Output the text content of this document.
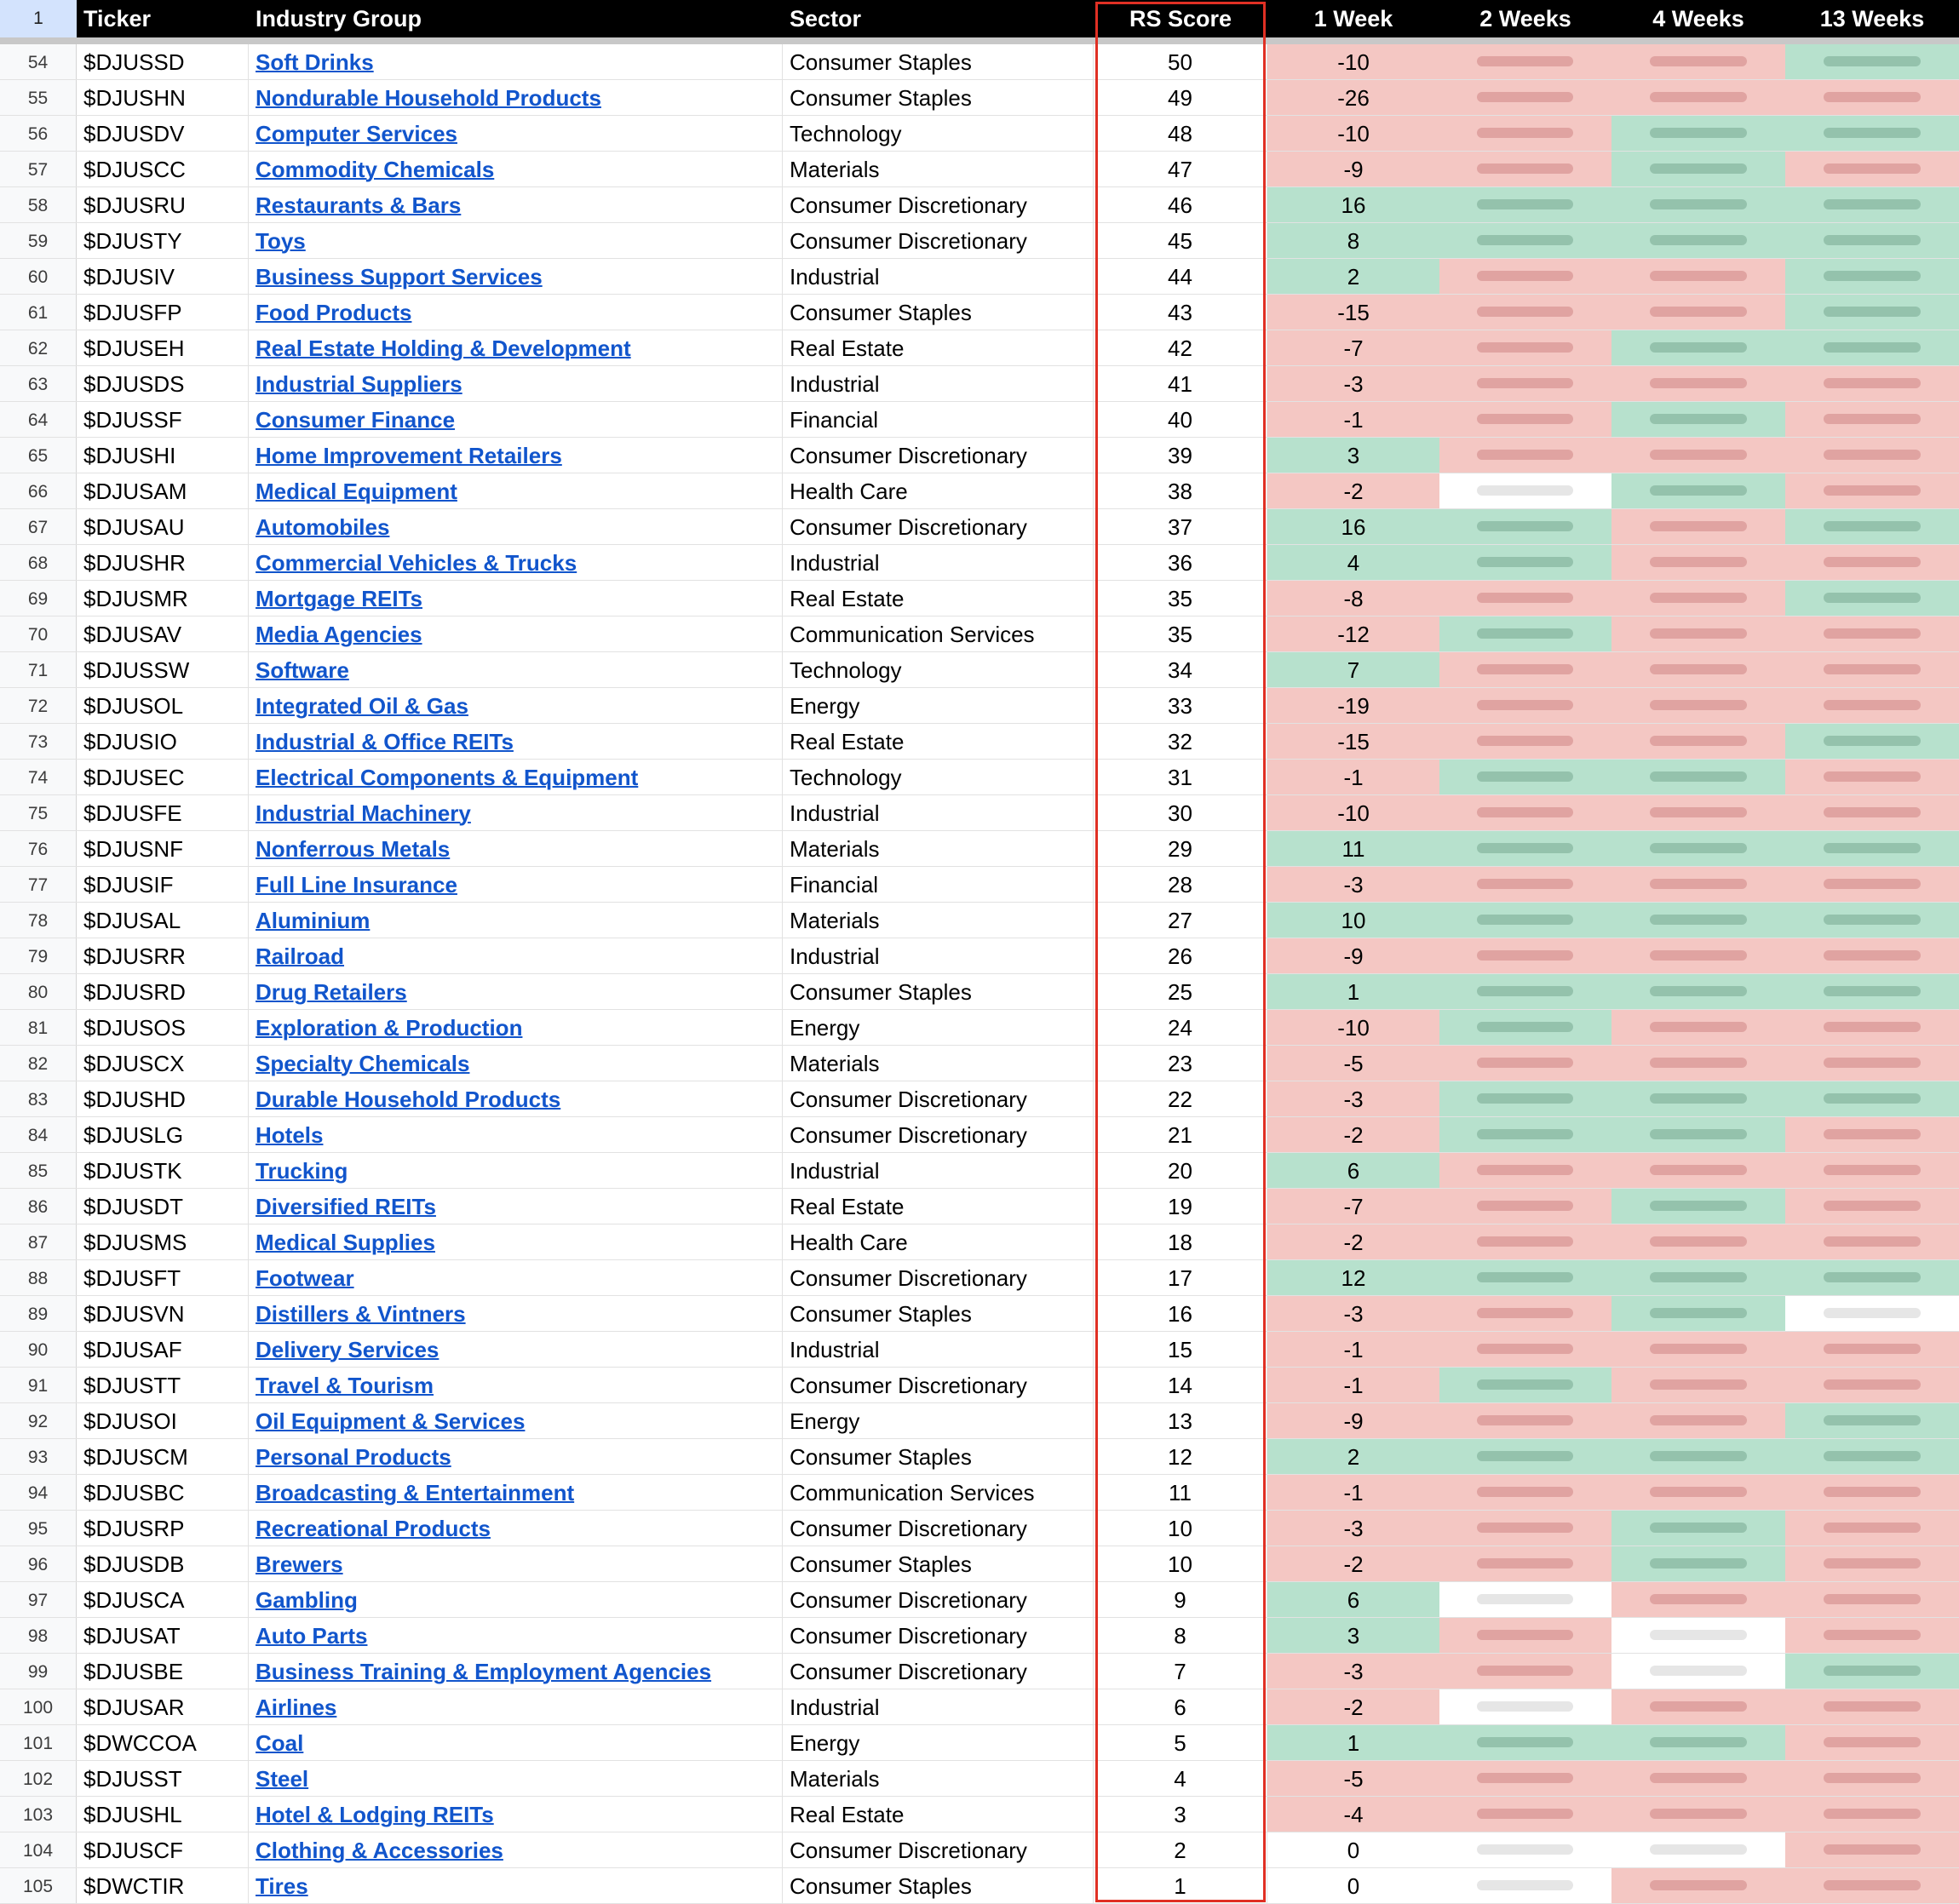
1	Ticker	Industry Group	Sector	RS Score	1 Week	2 Weeks	4 Weeks	13 Weeks
54	$DJUSSD	Soft Drinks	Consumer Staples	50	-10
55	$DJUSHN	Nondurable Household Products	Consumer Staples	49	-26
56	$DJUSDV	Computer Services	Technology	48	-10
57	$DJUSCC	Commodity Chemicals	Materials	47	-9
58	$DJUSRU	Restaurants & Bars	Consumer Discretionary	46	16
59	$DJUSTY	Toys	Consumer Discretionary	45	8
60	$DJUSIV	Business Support Services	Industrial	44	2
61	$DJUSFP	Food Products	Consumer Staples	43	-15
62	$DJUSEH	Real Estate Holding & Development	Real Estate	42	-7
63	$DJUSDS	Industrial Suppliers	Industrial	41	-3
64	$DJUSSF	Consumer Finance	Financial	40	-1
65	$DJUSHI	Home Improvement Retailers	Consumer Discretionary	39	3
66	$DJUSAM	Medical Equipment	Health Care	38	-2
67	$DJUSAU	Automobiles	Consumer Discretionary	37	16
68	$DJUSHR	Commercial Vehicles & Trucks	Industrial	36	4
69	$DJUSMR	Mortgage REITs	Real Estate	35	-8
70	$DJUSAV	Media Agencies	Communication Services	35	-12
71	$DJUSSW	Software	Technology	34	7
72	$DJUSOL	Integrated Oil & Gas	Energy	33	-19
73	$DJUSIO	Industrial & Office REITs	Real Estate	32	-15
74	$DJUSEC	Electrical Components & Equipment	Technology	31	-1
75	$DJUSFE	Industrial Machinery	Industrial	30	-10
76	$DJUSNF	Nonferrous Metals	Materials	29	11
77	$DJUSIF	Full Line Insurance	Financial	28	-3
78	$DJUSAL	Aluminium	Materials	27	10
79	$DJUSRR	Railroad	Industrial	26	-9
80	$DJUSRD	Drug Retailers	Consumer Staples	25	1
81	$DJUSOS	Exploration & Production	Energy	24	-10
82	$DJUSCX	Specialty Chemicals	Materials	23	-5
83	$DJUSHD	Durable Household Products	Consumer Discretionary	22	-3
84	$DJUSLG	Hotels	Consumer Discretionary	21	-2
85	$DJUSTK	Trucking	Industrial	20	6
86	$DJUSDT	Diversified REITs	Real Estate	19	-7
87	$DJUSMS	Medical Supplies	Health Care	18	-2
88	$DJUSFT	Footwear	Consumer Discretionary	17	12
89	$DJUSVN	Distillers & Vintners	Consumer Staples	16	-3
90	$DJUSAF	Delivery Services	Industrial	15	-1
91	$DJUSTT	Travel & Tourism	Consumer Discretionary	14	-1
92	$DJUSOI	Oil Equipment & Services	Energy	13	-9
93	$DJUSCM	Personal Products	Consumer Staples	12	2
94	$DJUSBC	Broadcasting & Entertainment	Communication Services	11	-1
95	$DJUSRP	Recreational Products	Consumer Discretionary	10	-3
96	$DJUSDB	Brewers	Consumer Staples	10	-2
97	$DJUSCA	Gambling	Consumer Discretionary	9	6
98	$DJUSAT	Auto Parts	Consumer Discretionary	8	3
99	$DJUSBE	Business Training & Employment Agencies	Consumer Discretionary	7	-3
100	$DJUSAR	Airlines	Industrial	6	-2
101	$DWCCOA	Coal	Energy	5	1
102	$DJUSST	Steel	Materials	4	-5
103	$DJUSHL	Hotel & Lodging REITs	Real Estate	3	-4
104	$DJUSCF	Clothing & Accessories	Consumer Discretionary	2	0
105	$DWCTIR	Tires	Consumer Staples	1	0
